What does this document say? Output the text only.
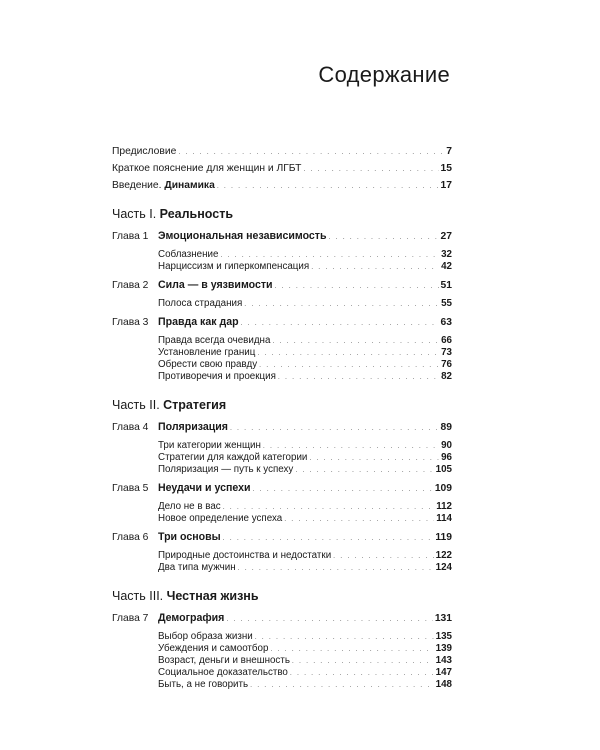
Содержание
Предисловие . . .	7
Краткое пояснение для женщин и ЛГБТ . . .	15
Введение. Динамика . . .	17
Часть I. Реальность
Глава 1 Эмоциональная независимость . . .	27
Соблазнение . . .	32
Нарциссизм и гиперкомпенсация . . .	42
Глава 2 Сила — в уязвимости . . .	51
Полоса страдания . . .	55
Глава 3 Правда как дар . . .	63
Правда всегда очевидна . . .	66
Установление границ . . .	73
Обрести свою правду . . .	76
Противоречия и проекция . . .	82
Часть II. Стратегия
Глава 4 Поляризация . . .	89
Три категории женщин . . .	90
Стратегии для каждой категории . . .	96
Поляризация — путь к успеху . . .	105
Глава 5 Неудачи и успехи . . .	109
Дело не в вас . . .	112
Новое определение успеха . . .	114
Глава 6 Три основы . . .	119
Природные достоинства и недостатки . . .	122
Два типа мужчин . . .	124
Часть III. Честная жизнь
Глава 7 Демография . . .	131
Выбор образа жизни . . .	135
Убеждения и самоотбор . . .	139
Возраст, деньги и внешность . . .	143
Социальное доказательство . . .	147
Быть, а не говорить . . .	148
